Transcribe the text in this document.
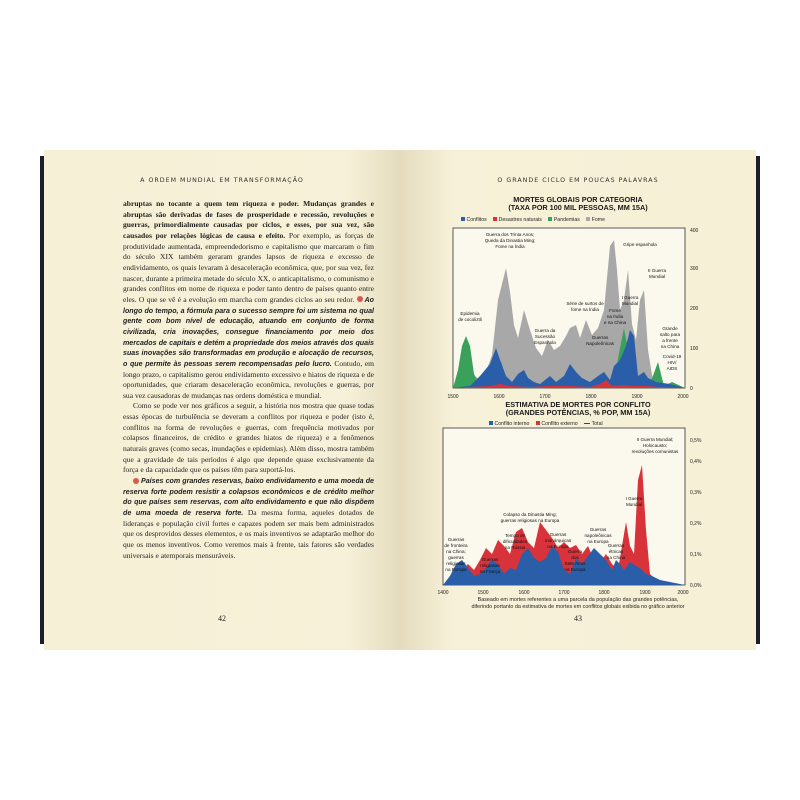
A ORDEM MUNDIAL EM TRANSFORMAÇÃO

abruptas no tocante a quem tem riqueza e poder. Mudanças grandes e abruptas são derivadas de fases de prosperidade e recessão, revoluções e guerras, primordialmente causadas por ciclos, e esses, por sua vez, são causados por relações lógicas de causa e efeito. Por exemplo, as forças de produtividade aumentada, empreendedorismo e capitalismo que marcaram o fim do século XIX também geraram grandes lapsos de riqueza e excesso de endividamento, os quais levaram à desaceleração econômica, que, por sua vez, fez nascer, durante a primeira metade do século XX, o anticapitalismo, o comunismo e grandes conflitos em nome de riqueza e poder tanto dentro de países quanto entre eles. O que se vê é a evolução em marcha com grandes ciclos ao seu redor. Ao longo do tempo, a fórmula para o sucesso sempre foi um sistema no qual gente com bom nível de educação, atuando em conjunto de forma civilizada, cria inovações, consegue financiamento por meio dos mercados de capitais e detém a propriedade dos meios através dos quais suas inovações são transformadas em produção e alocação de recursos, o que permite às pessoas serem recompensadas pelo lucro. Contudo, em longo prazo, o capitalismo gerou endividamento excessivo e hiatos de riqueza e de oportunidades, que criaram desaceleração econômica, revoluções e guerras, por sua vez causadoras de mudanças nas ordens doméstica e mundial.

Como se pode ver nos gráficos a seguir, a história nos mostra que quase todas essas épocas de turbulência se deveram a conflitos por riqueza e poder (isto é, conflitos na forma de revoluções e guerras, com frequência motivados por colapsos financeiros, de crédito e grandes hiatos de riqueza) e a fenômenos naturais graves (como secas, inundações e epidemias). Além disso, mostra também que a gravidade de tais períodos é algo que depende quase exclusivamente da força e da capacidade que os países têm para suportá-los.

Países com grandes reservas, baixo endividamento e uma moeda de reserva forte podem resistir a colapsos econômicos e de crédito melhor do que países sem reservas, com alto endividamento e que não dispõem de uma moeda de reserva forte. Da mesma forma, aqueles dotados de lideranças e população civil fortes e capazes podem ser mais bem administrados que os desprovidos desses elementos, e os mais inventivos se adaptarão melhor do que os menos inventivos. Como veremos mais à frente, tais fatores são verdades universais e atemporais mensuráveis.

42
O GRANDE CICLO EM POUCAS PALAVRAS
MORTES GLOBAIS POR CATEGORIA
(TAXA POR 100 MIL PESSOAS, MM 15A)
Conflitos Desastres naturais Pandemias Fome
1500	1600	1700	1800	1900	2000
0
100
200
300
400
Epidemia
de cocoliztli
Guerra dos Trinta Anos;
Queda da Dinastia Ming;
Fome na Índia
Guerra da
Sucessão
Espanhola
Série de surtos de
fome na Índia
Guerras
Napoleônicas
Gripe espanhola
II Guerra
Mundial
I Guerra
Mundial
Fome
na Índia
e na China
Grande
salto para
a frente
na China
Covid-19
HIV/
AIDS
1400	1500	1600	1700	1800	1900	2000
0,0%
0,1%
0,2%
0,3%
0,4%
0,5%
II Guerra Mundial;
Holocausto;
revoluções comunistas
Colapso da Dinastia Ming;
guerras religiosas na Europa
I Guerra
Mundial
Guerras
de fronteira
na China;
guerras
religiosas
na Europa
Guerras
religiosas
na França
Tempo de
dificuldades
na Rússia
Guerras
monárquicas
na Europa
Guerras
napoleônicas
na Europa
Guerras
étnicas
na China
Guerra
dos
Sete Anos
na Europa
ESTIMATIVA DE MORTES POR CONFLITO
(GRANDES POTÊNCIAS, % POP, MM 15A)
Conflito interno Conflito externo	Total
Baseado em mortes referentes a uma parcela da população das grandes potências,
diferindo portanto da estimativa de mortes em conflitos globais exibida no gráfico anterior
43
